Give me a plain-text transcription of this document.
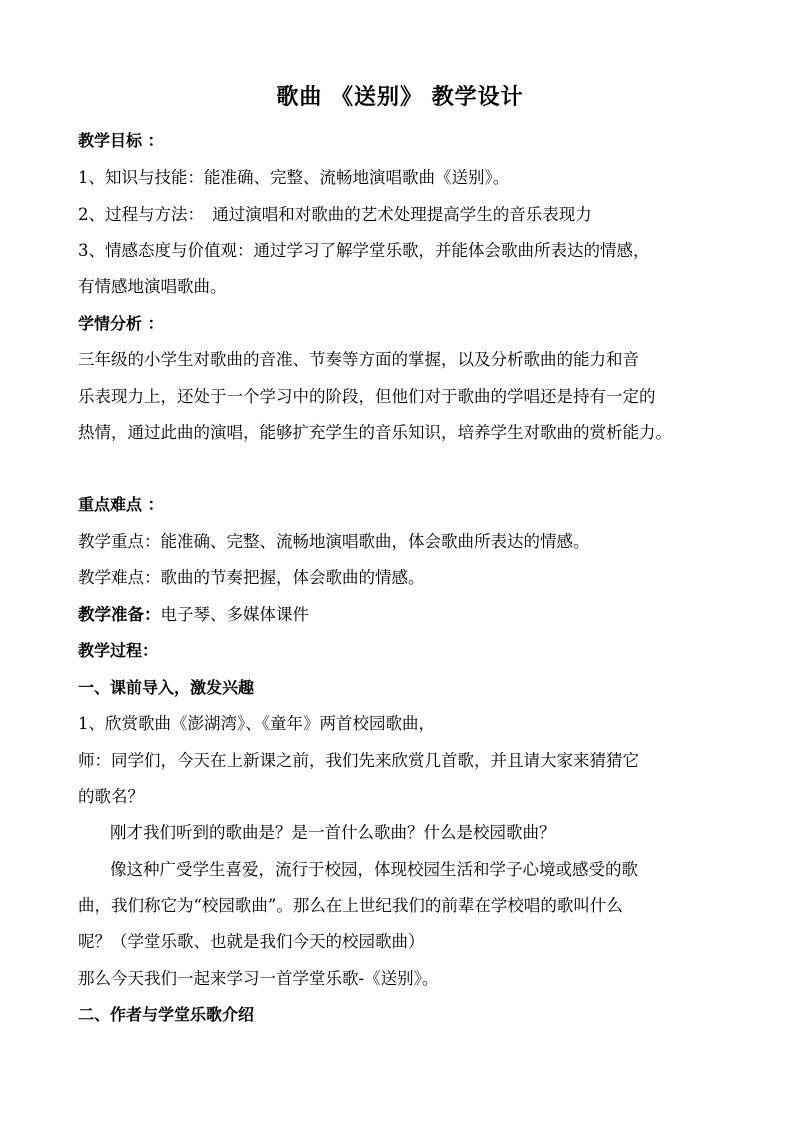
歌曲 《送别》 教学设计
教学目标 ：
1、知识与技能：能准确、完整、流畅地演唱歌曲《送别》。
2、过程与方法：　通过演唱和对歌曲的艺术处理提高学生的音乐表现力
3、情感态度与价值观：通过学习了解学堂乐歌，并能体会歌曲所表达的情感，
有情感地演唱歌曲。
学情分析 ：
三年级的小学生对歌曲的音准、节奏等方面的掌握，以及分析歌曲的能力和音
乐表现力上，还处于一个学习中的阶段，但他们对于歌曲的学唱还是持有一定的
热情，通过此曲的演唱，能够扩充学生的音乐知识，培养学生对歌曲的赏析能力。
重点难点 ：
教学重点：能准确、完整、流畅地演唱歌曲，体会歌曲所表达的情感。
教学难点：歌曲的节奏把握，体会歌曲的情感。
教学准备：电子琴、多媒体课件
教学过程：
一、课前导入，激发兴趣
1、欣赏歌曲《澎湖湾》、《童年》两首校园歌曲，
师：同学们，今天在上新课之前，我们先来欣赏几首歌，并且请大家来猜猜它
的歌名？
刚才我们听到的歌曲是？是一首什么歌曲？什么是校园歌曲？
像这种广受学生喜爱，流行于校园，体现校园生活和学子心境或感受的歌
曲，我们称它为“校园歌曲”。那么在上世纪我们的前辈在学校唱的歌叫什么
呢？（学堂乐歌、也就是我们今天的校园歌曲）
那么今天我们一起来学习一首学堂乐歌-《送别》。
二、作者与学堂乐歌介绍
